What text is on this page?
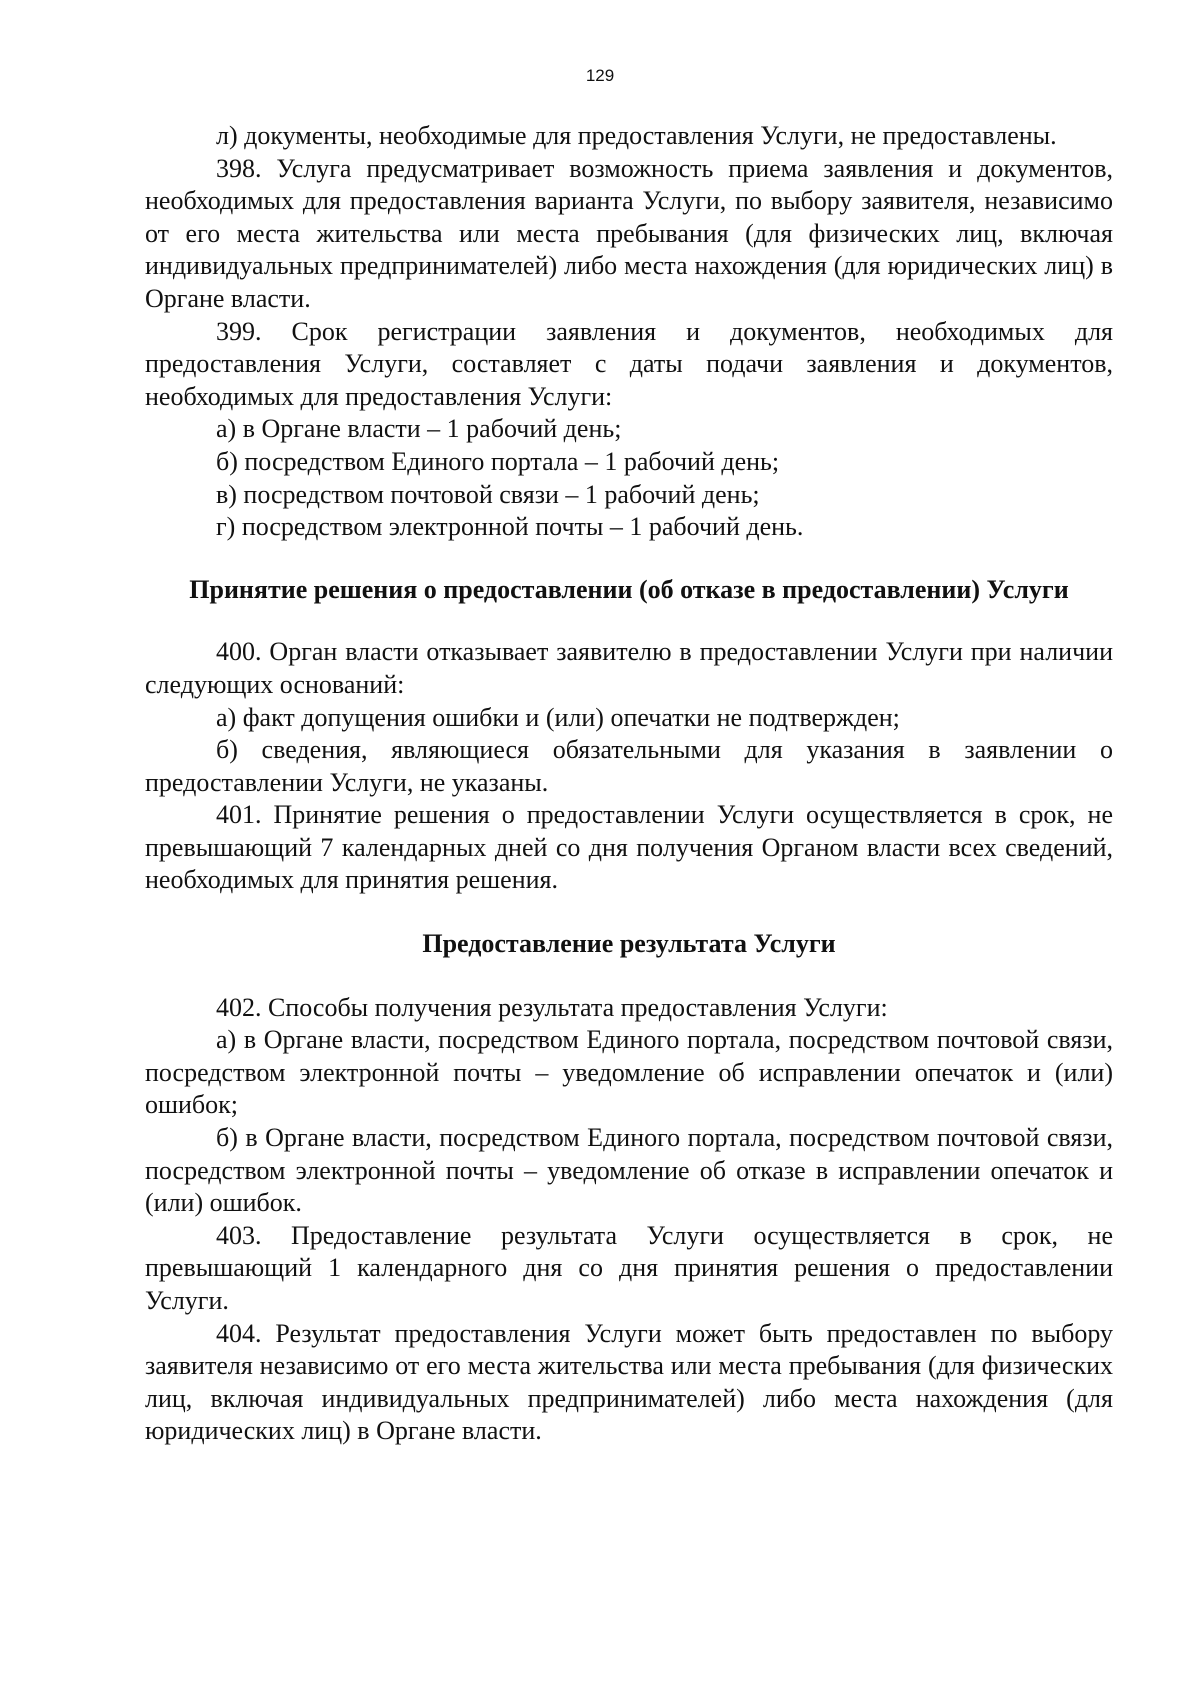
129

л) документы, необходимые для предоставления Услуги, не предоставлены.

398. Услуга предусматривает возможность приема заявления и документов, необходимых для предоставления варианта Услуги, по выбору заявителя, независимо от его места жительства или места пребывания (для физических лиц, включая индивидуальных предпринимателей) либо места нахождения (для юридических лиц) в Органе власти.

399. Срок регистрации заявления и документов, необходимых для предоставления Услуги, составляет с даты подачи заявления и документов, необходимых для предоставления Услуги:

а) в Органе власти – 1 рабочий день;

б) посредством Единого портала – 1 рабочий день;

в) посредством почтовой связи – 1 рабочий день;

г) посредством электронной почты – 1 рабочий день.

Принятие решения о предоставлении (об отказе в предоставлении) Услуги

400. Орган власти отказывает заявителю в предоставлении Услуги при наличии следующих оснований:

а) факт допущения ошибки и (или) опечатки не подтвержден;

б) сведения, являющиеся обязательными для указания в заявлении о предоставлении Услуги, не указаны.

401. Принятие решения о предоставлении Услуги осуществляется в срок, не превышающий 7 календарных дней со дня получения Органом власти всех сведений, необходимых для принятия решения.

Предоставление результата Услуги

402. Способы получения результата предоставления Услуги:

а) в Органе власти, посредством Единого портала, посредством почтовой связи, посредством электронной почты – уведомление об исправлении опечаток и (или) ошибок;

б) в Органе власти, посредством Единого портала, посредством почтовой связи, посредством электронной почты – уведомление об отказе в исправлении опечаток и (или) ошибок.

403. Предоставление результата Услуги осуществляется в срок, не превышающий 1 календарного дня со дня принятия решения о предоставлении Услуги.

404. Результат предоставления Услуги может быть предоставлен по выбору заявителя независимо от его места жительства или места пребывания (для физических лиц, включая индивидуальных предпринимателей) либо места нахождения (для юридических лиц) в Органе власти.
